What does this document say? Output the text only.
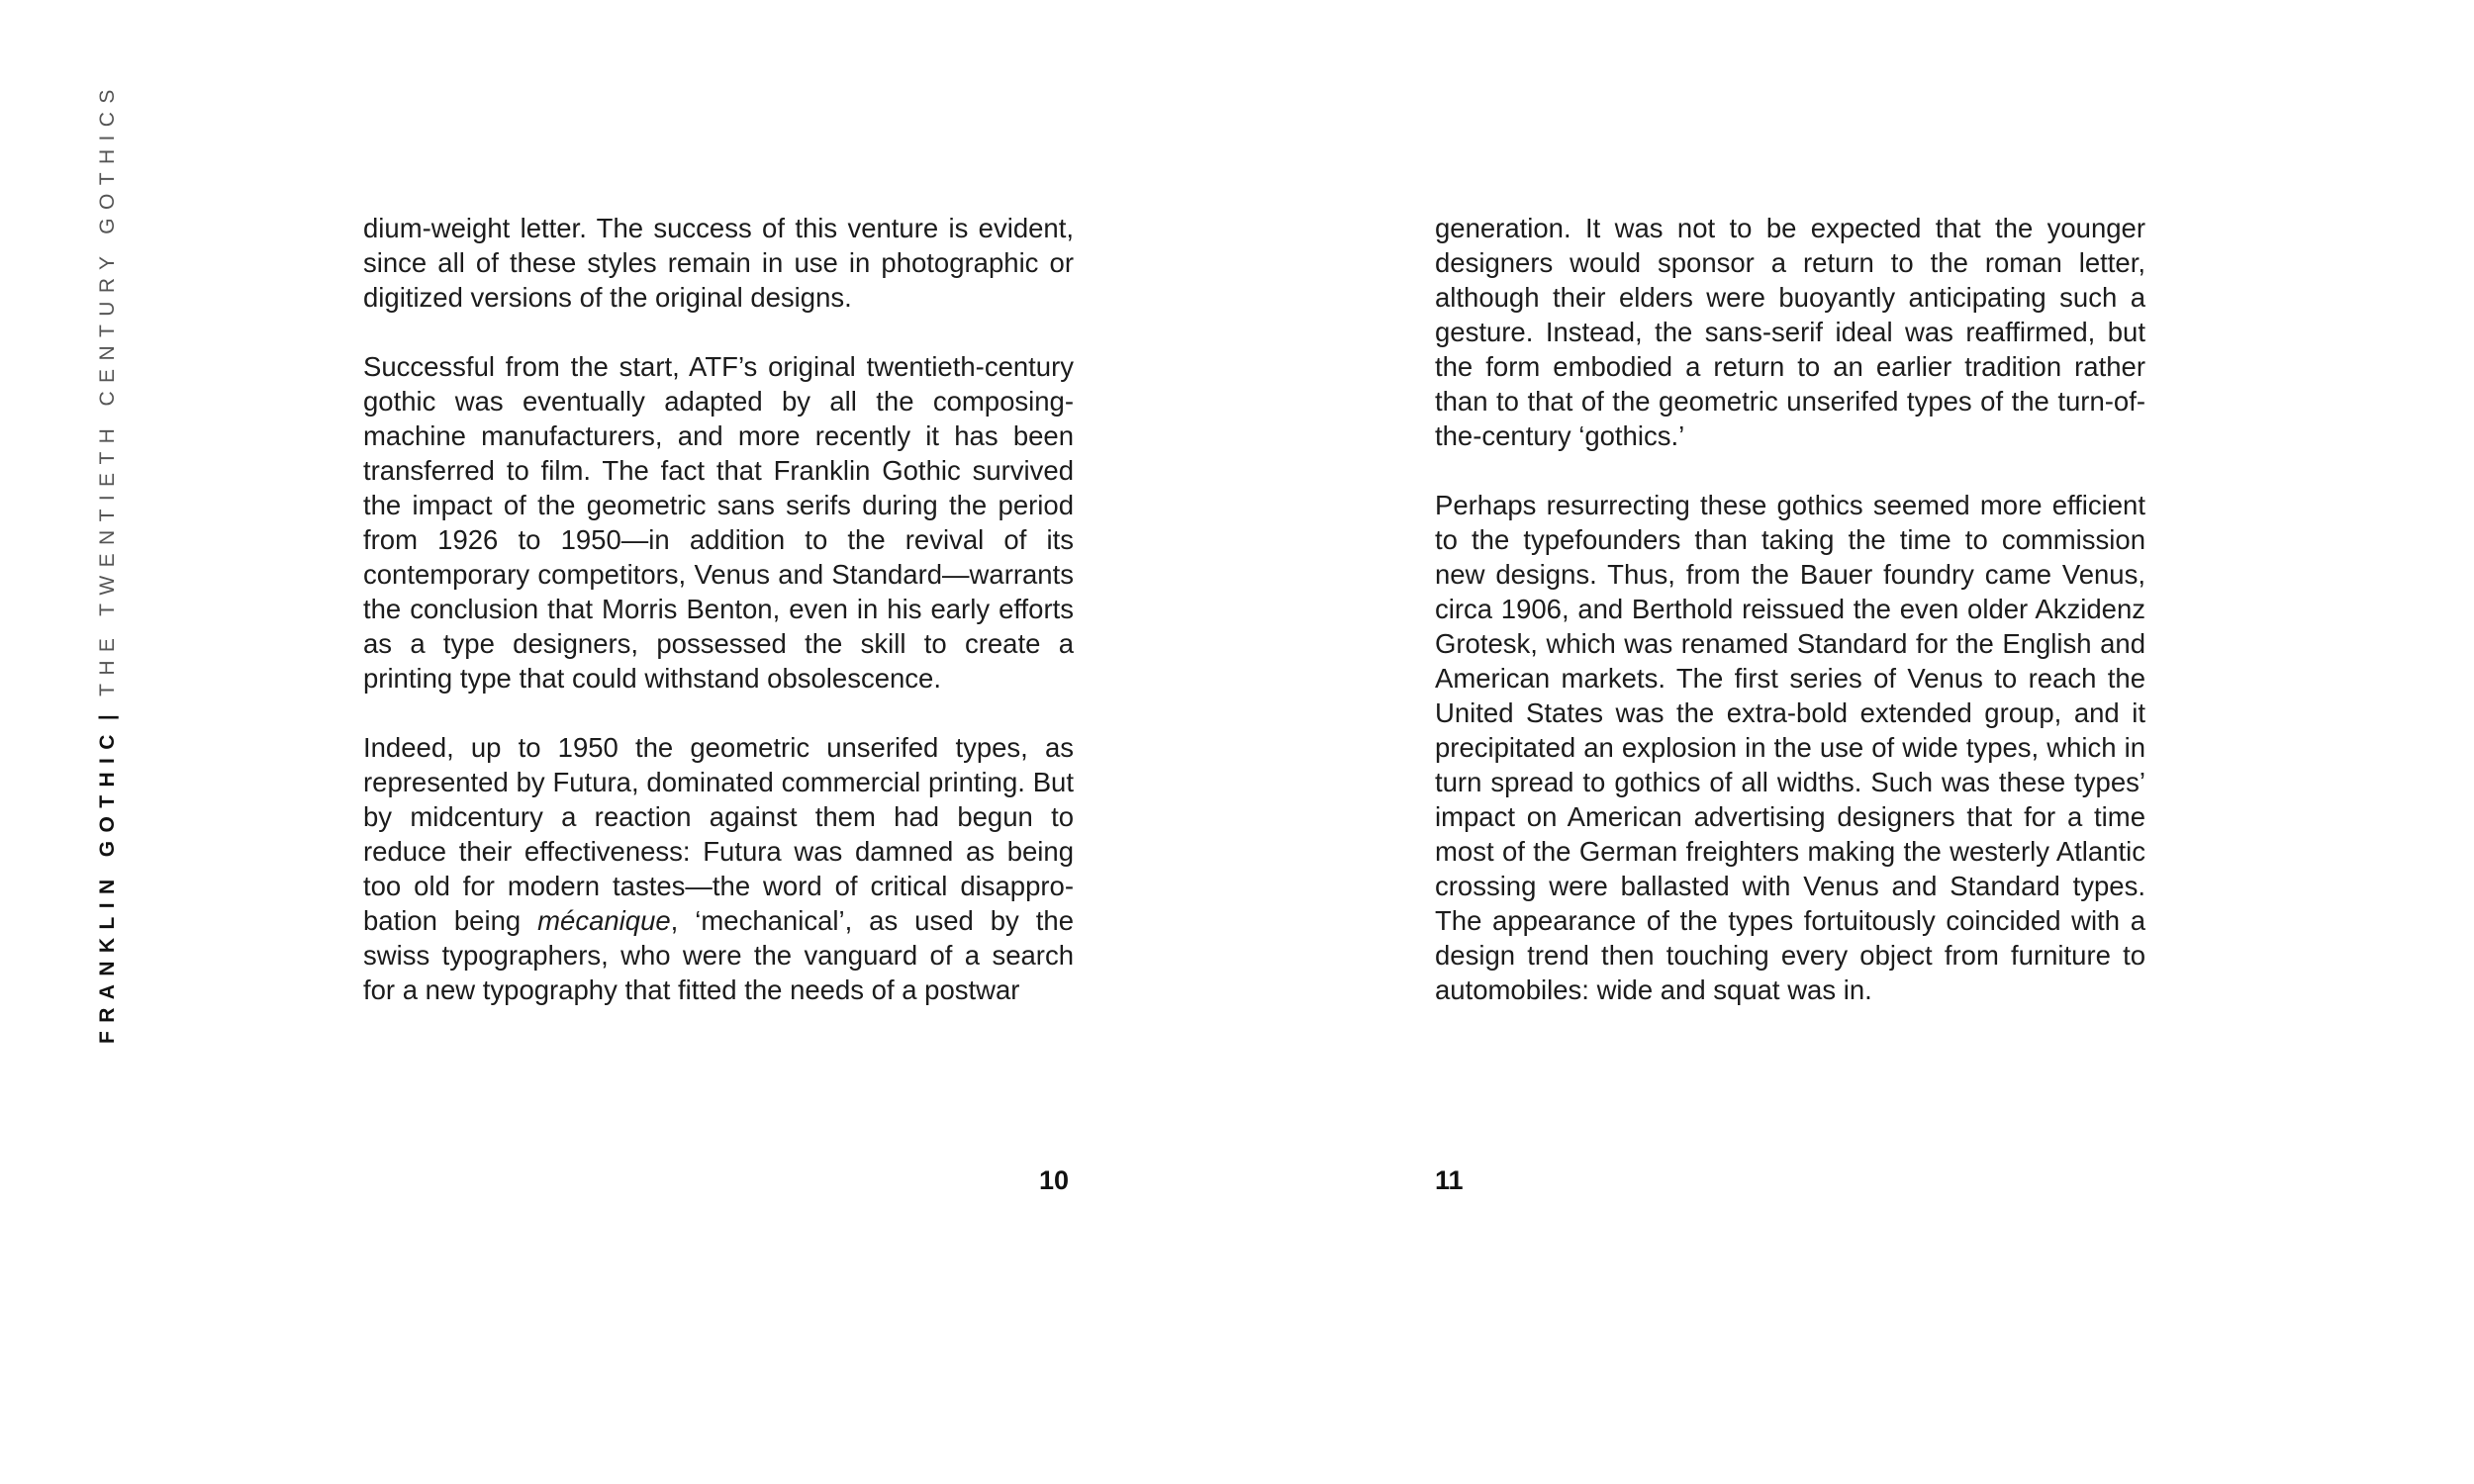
FRANKLIN GOTHIC|THE TWENTIETH CENTURY GOTHICS	dium-weight letter. The success of this venture is evident, since all of these styles remain in use in photographic or digitized versions of the original designs.

Successful from the start, ATF’s original twentieth-century gothic was eventually adapted by all the composing-machine manufacturers, and more recently it has been transferred to film. The fact that Franklin Gothic survived the impact of the geometric sans serifs during the period from 1926 to 1950—in addition to the revival of its contemporary competitors, Venus and Standard—warrants the conclusion that Morris Benton, even in his early efforts as a type designers, possessed the skill to create a printing type that could withstand obsolescence.

Indeed, up to 1950 the geometric unserifed types, as represented by Futura, dominated commercial printing. But by midcentury a reaction against them had begun to reduce their effectiveness: Futura was damned as being too old for modern tastes—the word of critical disapprobation being mécanique, ‘mechanical’, as used by the swiss typographers, who were the vanguard of a search for a new typography that fitted the needs of a postwar

generation. It was not to be expected that the younger designers would sponsor a return to the roman letter, although their elders were buoyantly anticipating such a gesture. Instead, the sans-serif ideal was reaffirmed, but the form embodied a return to an earlier tradition rather than to that of the geometric unserifed types of the turn-of-the-century ‘gothics.’

Perhaps resurrecting these gothics seemed more efficient to the typefounders than taking the time to commission new designs. Thus, from the Bauer foundry came Venus, circa 1906, and Berthold reissued the even older Akzidenz Grotesk, which was renamed Standard for the English and American markets. The first series of Venus to reach the United States was the extra-bold extended group, and it precipitated an explosion in the use of wide types, which in turn spread to gothics of all widths. Such was these types’ impact on American advertising designers that for a time most of the German freighters making the westerly Atlantic crossing were ballasted with Venus and Standard types. The appearance of the types fortuitously coincided with a design trend then touching every object from furniture to automobiles: wide and squat was in.

10	11
